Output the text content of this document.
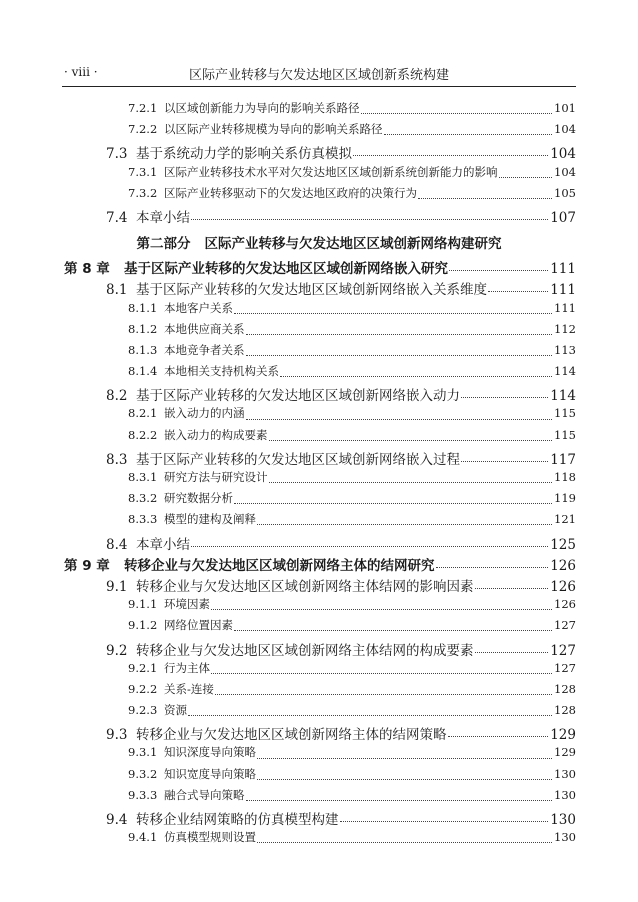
· viii ·	区际产业转移与欠发达地区区域创新系统构建
7.2.1 以区域创新能力为导向的影响关系路径	101
7.2.2 以区际产业转移规模为导向的影响关系路径	104
7.3 基于系统动力学的影响关系仿真模拟	104
7.3.1 区际产业转移技术水平对欠发达地区区域创新系统创新能力的影响	104
7.3.2 区际产业转移驱动下的欠发达地区政府的决策行为	105
7.4 本章小结	107
第二部分 区际产业转移与欠发达地区区域创新网络构建研究
第 8 章	基于区际产业转移的欠发达地区区域创新网络嵌入研究	111
8.1 基于区际产业转移的欠发达地区区域创新网络嵌入关系维度	111
8.1.1 本地客户关系	111
8.1.2 本地供应商关系	112
8.1.3 本地竞争者关系	113
8.1.4 本地相关支持机构关系	114
8.2 基于区际产业转移的欠发达地区区域创新网络嵌入动力	114
8.2.1 嵌入动力的内涵	115
8.2.2 嵌入动力的构成要素	115
8.3 基于区际产业转移的欠发达地区区域创新网络嵌入过程	117
8.3.1 研究方法与研究设计	118
8.3.2 研究数据分析	119
8.3.3 模型的建构及阐释	121
8.4 本章小结	125
第 9 章	转移企业与欠发达地区区域创新网络主体的结网研究	126
9.1 转移企业与欠发达地区区域创新网络主体结网的影响因素	126
9.1.1 环境因素	126
9.1.2 网络位置因素	127
9.2 转移企业与欠发达地区区域创新网络主体结网的构成要素	127
9.2.1 行为主体	127
9.2.2 关系-连接	128
9.2.3 资源	128
9.3 转移企业与欠发达地区区域创新网络主体的结网策略	129
9.3.1 知识深度导向策略	129
9.3.2 知识宽度导向策略	130
9.3.3 融合式导向策略	130
9.4 转移企业结网策略的仿真模型构建	130
9.4.1 仿真模型规则设置	130
